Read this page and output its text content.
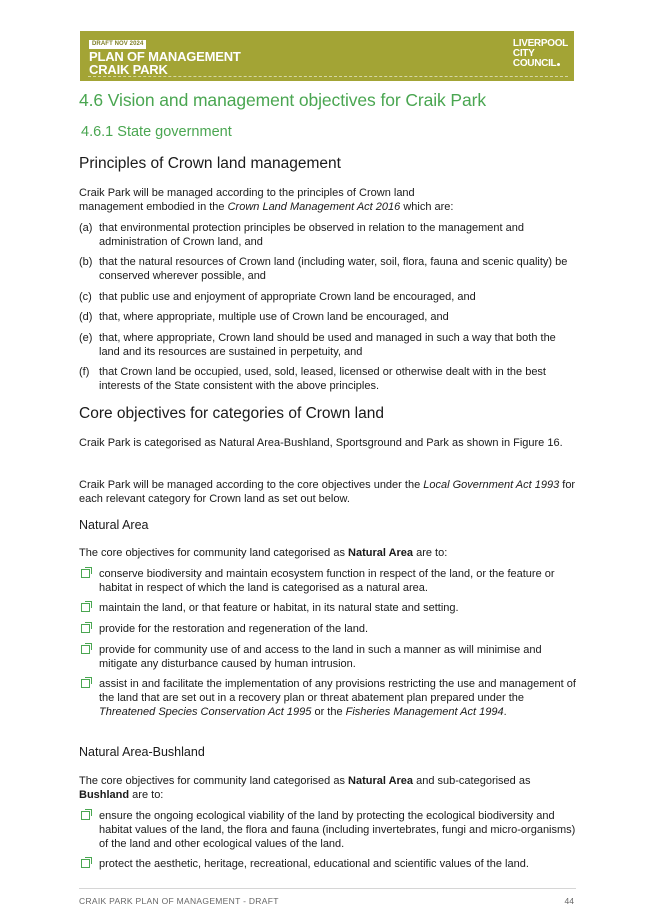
DRAFT NOV 2024
PLAN OF MANAGEMENT
CRAIK PARK
LIVERPOOL
CITY
COUNCIL
4.6 Vision and management objectives for Craik Park
4.6.1 State government
Principles of Crown land management
Craik Park will be managed according to the principles of Crown land management embodied in the Crown Land Management Act 2016 which are:
(a) that environmental protection principles be observed in relation to the management and administration of Crown land, and
(b) that the natural resources of Crown land (including water, soil, flora, fauna and scenic quality) be conserved wherever possible, and
(c) that public use and enjoyment of appropriate Crown land be encouraged, and
(d) that, where appropriate, multiple use of Crown land be encouraged, and
(e) that, where appropriate, Crown land should be used and managed in such a way that both the land and its resources are sustained in perpetuity, and
(f) that Crown land be occupied, used, sold, leased, licensed or otherwise dealt with in the best interests of the State consistent with the above principles.
Core objectives for categories of Crown land
Craik Park is categorised as Natural Area-Bushland, Sportsground and Park as shown in Figure 16.
Craik Park will be managed according to the core objectives under the Local Government Act 1993 for each relevant category for Crown land as set out below.
Natural Area
The core objectives for community land categorised as Natural Area are to:
conserve biodiversity and maintain ecosystem function in respect of the land, or the feature or habitat in respect of which the land is categorised as a natural area.
maintain the land, or that feature or habitat, in its natural state and setting.
provide for the restoration and regeneration of the land.
provide for community use of and access to the land in such a manner as will minimise and mitigate any disturbance caused by human intrusion.
assist in and facilitate the implementation of any provisions restricting the use and management of the land that are set out in a recovery plan or threat abatement plan prepared under the Threatened Species Conservation Act 1995 or the Fisheries Management Act 1994.
Natural Area-Bushland
The core objectives for community land categorised as Natural Area and sub-categorised as Bushland are to:
ensure the ongoing ecological viability of the land by protecting the ecological biodiversity and habitat values of the land, the flora and fauna (including invertebrates, fungi and micro-organisms) of the land and other ecological values of the land.
protect the aesthetic, heritage, recreational, educational and scientific values of the land.
CRAIK PARK PLAN OF MANAGEMENT - DRAFT	44
